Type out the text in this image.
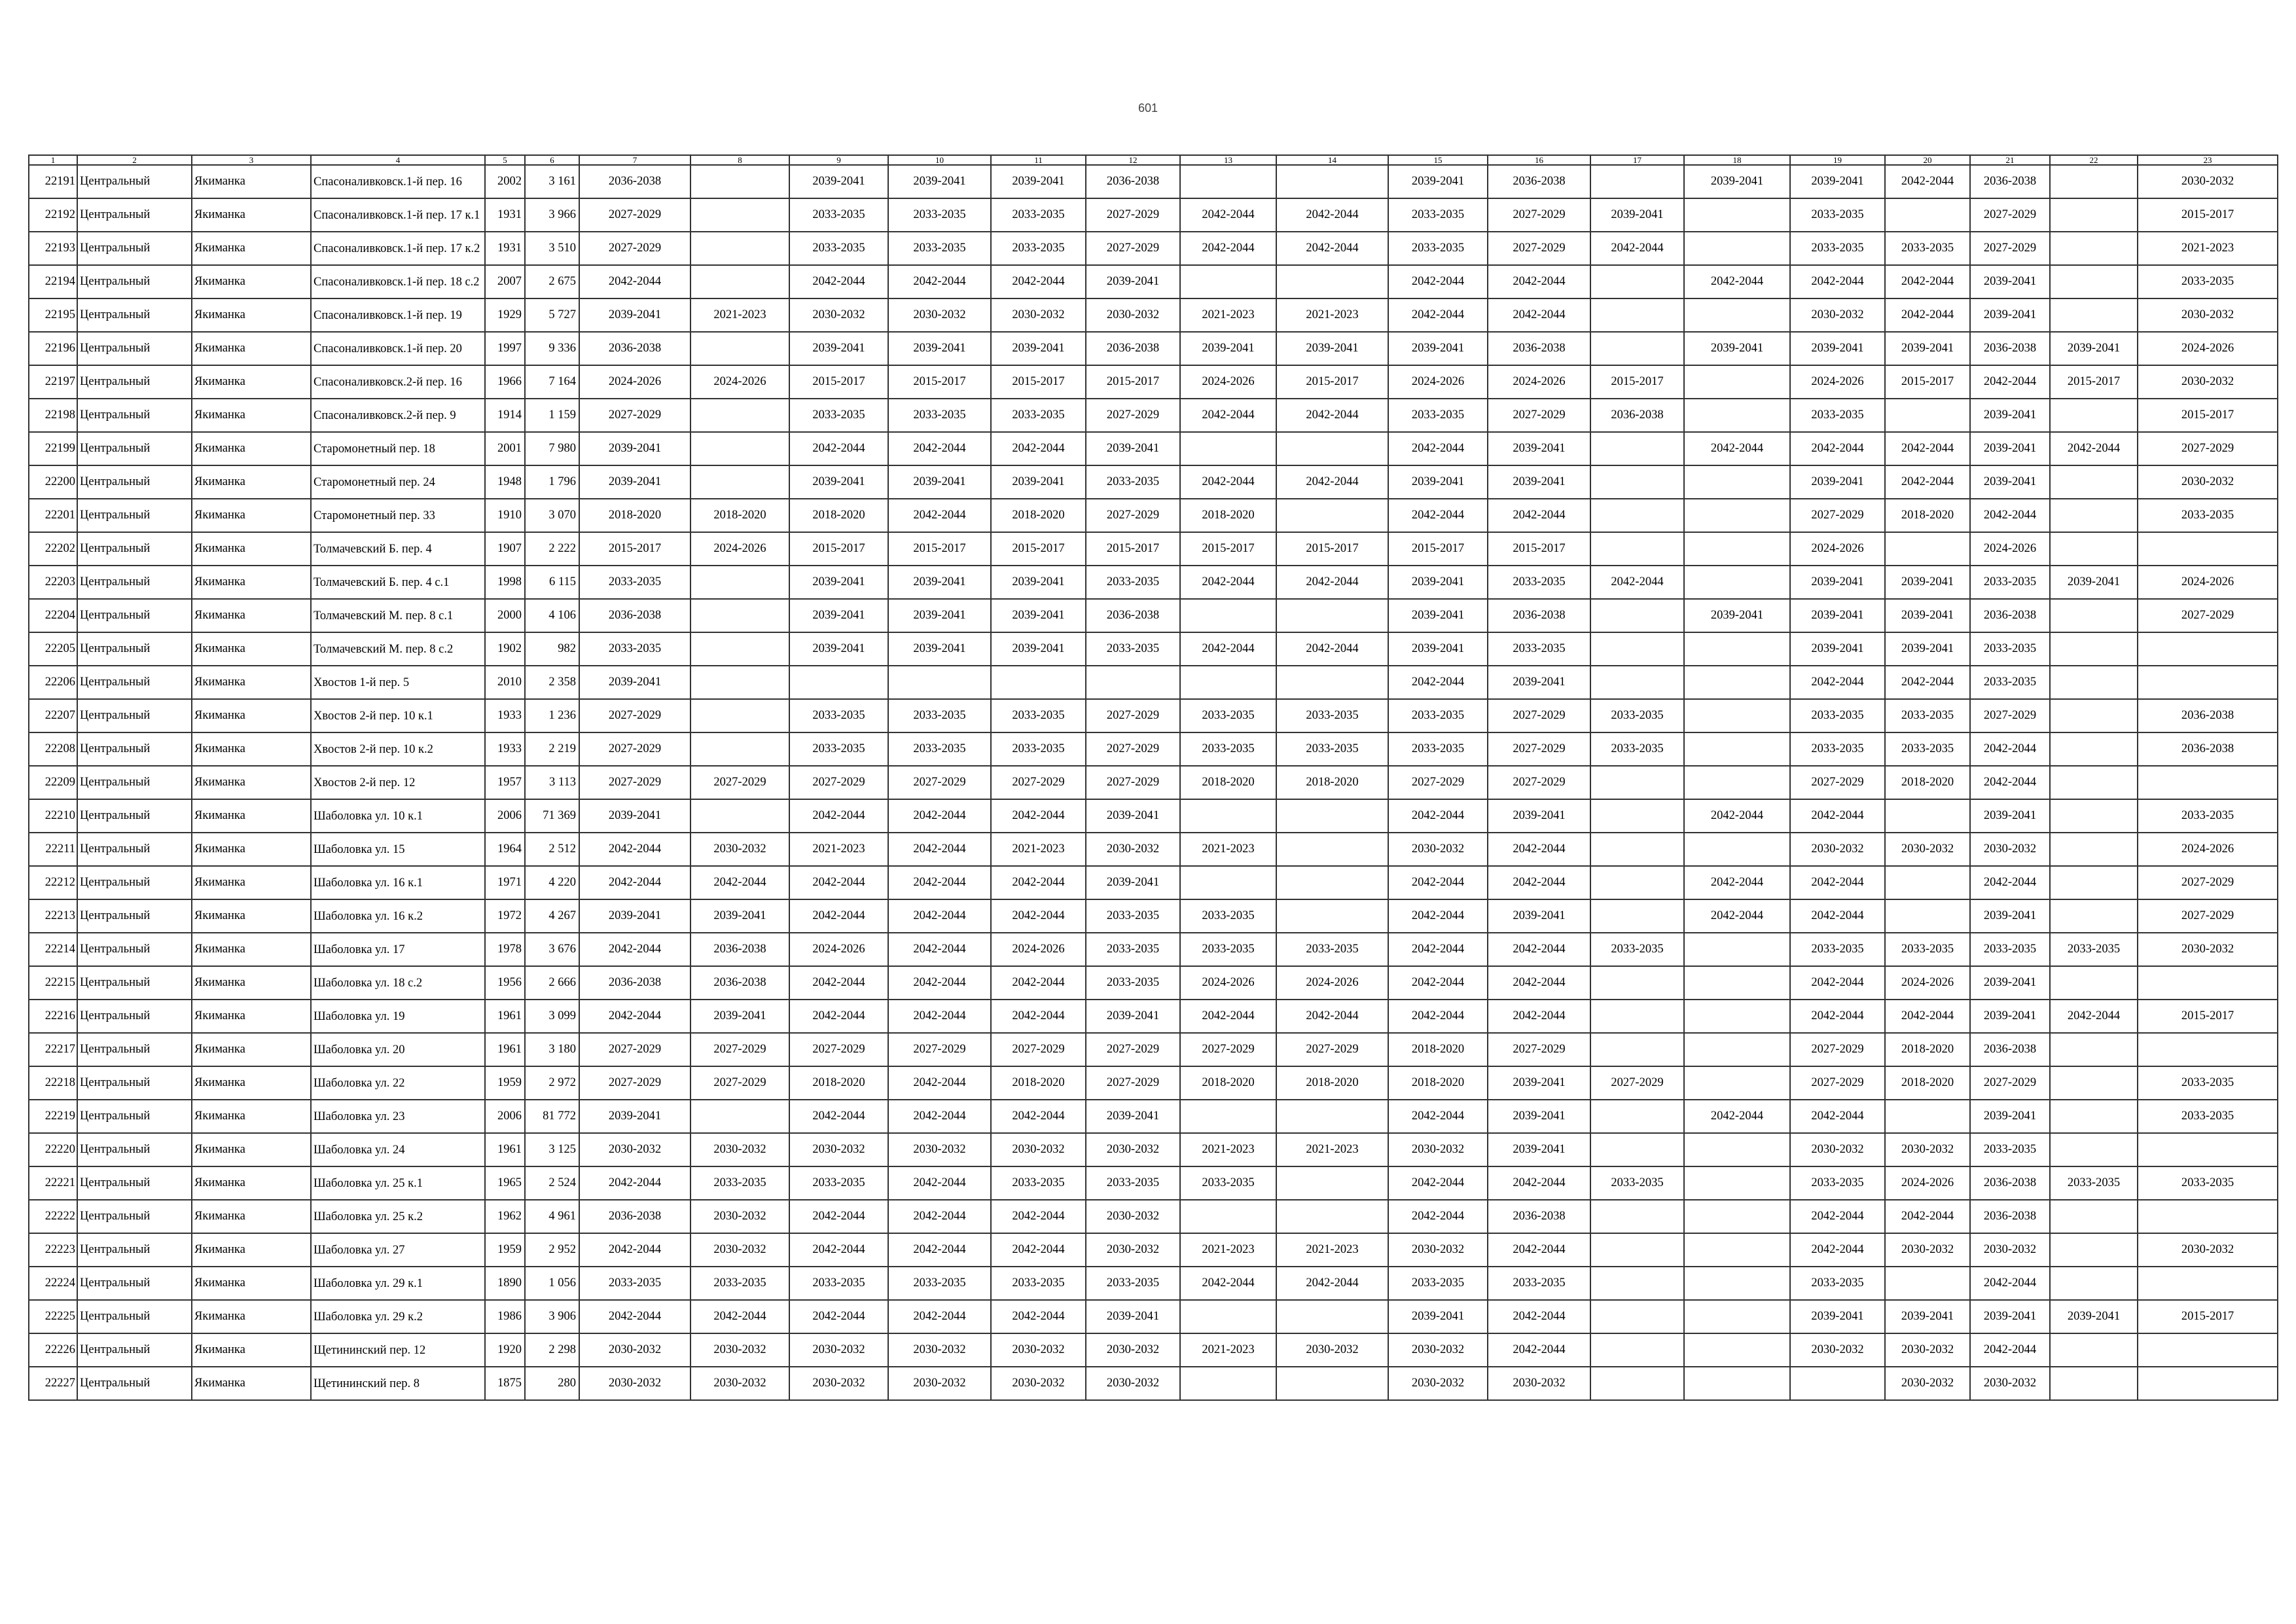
601
1	2	3	4	5	6	7	8	9	10	11	12	13	14	15	16	17	18	19	20	21	22	23
22191	Центральный	Якиманка	Спасоналивковск.1-й пер. 16	2002	3 161	2036-2038		2039-2041	2039-2041	2039-2041	2036-2038			2039-2041	2036-2038		2039-2041	2039-2041	2042-2044	2036-2038		2030-2032
22192	Центральный	Якиманка	Спасоналивковск.1-й пер. 17 к.1	1931	3 966	2027-2029		2033-2035	2033-2035	2033-2035	2027-2029	2042-2044	2042-2044	2033-2035	2027-2029	2039-2041		2033-2035		2027-2029		2015-2017
22193	Центральный	Якиманка	Спасоналивковск.1-й пер. 17 к.2	1931	3 510	2027-2029		2033-2035	2033-2035	2033-2035	2027-2029	2042-2044	2042-2044	2033-2035	2027-2029	2042-2044		2033-2035	2033-2035	2027-2029		2021-2023
22194	Центральный	Якиманка	Спасоналивковск.1-й пер. 18 с.2	2007	2 675	2042-2044		2042-2044	2042-2044	2042-2044	2039-2041			2042-2044	2042-2044		2042-2044	2042-2044	2042-2044	2039-2041		2033-2035
22195	Центральный	Якиманка	Спасоналивковск.1-й пер. 19	1929	5 727	2039-2041	2021-2023	2030-2032	2030-2032	2030-2032	2030-2032	2021-2023	2021-2023	2042-2044	2042-2044			2030-2032	2042-2044	2039-2041		2030-2032
22196	Центральный	Якиманка	Спасоналивковск.1-й пер. 20	1997	9 336	2036-2038		2039-2041	2039-2041	2039-2041	2036-2038	2039-2041	2039-2041	2039-2041	2036-2038		2039-2041	2039-2041	2039-2041	2036-2038	2039-2041	2024-2026
22197	Центральный	Якиманка	Спасоналивковск.2-й пер. 16	1966	7 164	2024-2026	2024-2026	2015-2017	2015-2017	2015-2017	2015-2017	2024-2026	2015-2017	2024-2026	2024-2026	2015-2017		2024-2026	2015-2017	2042-2044	2015-2017	2030-2032
22198	Центральный	Якиманка	Спасоналивковск.2-й пер. 9	1914	1 159	2027-2029		2033-2035	2033-2035	2033-2035	2027-2029	2042-2044	2042-2044	2033-2035	2027-2029	2036-2038		2033-2035		2039-2041		2015-2017
22199	Центральный	Якиманка	Старомонетный пер. 18	2001	7 980	2039-2041		2042-2044	2042-2044	2042-2044	2039-2041			2042-2044	2039-2041		2042-2044	2042-2044	2042-2044	2039-2041	2042-2044	2027-2029
22200	Центральный	Якиманка	Старомонетный пер. 24	1948	1 796	2039-2041		2039-2041	2039-2041	2039-2041	2033-2035	2042-2044	2042-2044	2039-2041	2039-2041			2039-2041	2042-2044	2039-2041		2030-2032
22201	Центральный	Якиманка	Старомонетный пер. 33	1910	3 070	2018-2020	2018-2020	2018-2020	2042-2044	2018-2020	2027-2029	2018-2020		2042-2044	2042-2044			2027-2029	2018-2020	2042-2044		2033-2035
22202	Центральный	Якиманка	Толмачевский Б. пер. 4	1907	2 222	2015-2017	2024-2026	2015-2017	2015-2017	2015-2017	2015-2017	2015-2017	2015-2017	2015-2017	2015-2017			2024-2026		2024-2026		
22203	Центральный	Якиманка	Толмачевский Б. пер. 4 с.1	1998	6 115	2033-2035		2039-2041	2039-2041	2039-2041	2033-2035	2042-2044	2042-2044	2039-2041	2033-2035	2042-2044		2039-2041	2039-2041	2033-2035	2039-2041	2024-2026
22204	Центральный	Якиманка	Толмачевский М. пер. 8 с.1	2000	4 106	2036-2038		2039-2041	2039-2041	2039-2041	2036-2038			2039-2041	2036-2038		2039-2041	2039-2041	2039-2041	2036-2038		2027-2029
22205	Центральный	Якиманка	Толмачевский М. пер. 8 с.2	1902	982	2033-2035		2039-2041	2039-2041	2039-2041	2033-2035	2042-2044	2042-2044	2039-2041	2033-2035			2039-2041	2039-2041	2033-2035		
22206	Центральный	Якиманка	Хвостов 1-й пер. 5	2010	2 358	2039-2041								2042-2044	2039-2041			2042-2044	2042-2044	2033-2035		
22207	Центральный	Якиманка	Хвостов 2-й пер. 10 к.1	1933	1 236	2027-2029		2033-2035	2033-2035	2033-2035	2027-2029	2033-2035	2033-2035	2033-2035	2027-2029	2033-2035		2033-2035	2033-2035	2027-2029		2036-2038
22208	Центральный	Якиманка	Хвостов 2-й пер. 10 к.2	1933	2 219	2027-2029		2033-2035	2033-2035	2033-2035	2027-2029	2033-2035	2033-2035	2033-2035	2027-2029	2033-2035		2033-2035	2033-2035	2042-2044		2036-2038
22209	Центральный	Якиманка	Хвостов 2-й пер. 12	1957	3 113	2027-2029	2027-2029	2027-2029	2027-2029	2027-2029	2027-2029	2018-2020	2018-2020	2027-2029	2027-2029			2027-2029	2018-2020	2042-2044		
22210	Центральный	Якиманка	Шаболовка ул. 10 к.1	2006	71 369	2039-2041		2042-2044	2042-2044	2042-2044	2039-2041			2042-2044	2039-2041		2042-2044	2042-2044		2039-2041		2033-2035
22211	Центральный	Якиманка	Шаболовка ул. 15	1964	2 512	2042-2044	2030-2032	2021-2023	2042-2044	2021-2023	2030-2032	2021-2023		2030-2032	2042-2044			2030-2032	2030-2032	2030-2032		2024-2026
22212	Центральный	Якиманка	Шаболовка ул. 16 к.1	1971	4 220	2042-2044	2042-2044	2042-2044	2042-2044	2042-2044	2039-2041			2042-2044	2042-2044		2042-2044	2042-2044		2042-2044		2027-2029
22213	Центральный	Якиманка	Шаболовка ул. 16 к.2	1972	4 267	2039-2041	2039-2041	2042-2044	2042-2044	2042-2044	2033-2035	2033-2035		2042-2044	2039-2041		2042-2044	2042-2044		2039-2041		2027-2029
22214	Центральный	Якиманка	Шаболовка ул. 17	1978	3 676	2042-2044	2036-2038	2024-2026	2042-2044	2024-2026	2033-2035	2033-2035	2033-2035	2042-2044	2042-2044	2033-2035		2033-2035	2033-2035	2033-2035	2033-2035	2030-2032
22215	Центральный	Якиманка	Шаболовка ул. 18 с.2	1956	2 666	2036-2038	2036-2038	2042-2044	2042-2044	2042-2044	2033-2035	2024-2026	2024-2026	2042-2044	2042-2044			2042-2044	2024-2026	2039-2041		
22216	Центральный	Якиманка	Шаболовка ул. 19	1961	3 099	2042-2044	2039-2041	2042-2044	2042-2044	2042-2044	2039-2041	2042-2044	2042-2044	2042-2044	2042-2044			2042-2044	2042-2044	2039-2041	2042-2044	2015-2017
22217	Центральный	Якиманка	Шаболовка ул. 20	1961	3 180	2027-2029	2027-2029	2027-2029	2027-2029	2027-2029	2027-2029	2027-2029	2027-2029	2018-2020	2027-2029			2027-2029	2018-2020	2036-2038		
22218	Центральный	Якиманка	Шаболовка ул. 22	1959	2 972	2027-2029	2027-2029	2018-2020	2042-2044	2018-2020	2027-2029	2018-2020	2018-2020	2018-2020	2039-2041	2027-2029		2027-2029	2018-2020	2027-2029		2033-2035
22219	Центральный	Якиманка	Шаболовка ул. 23	2006	81 772	2039-2041		2042-2044	2042-2044	2042-2044	2039-2041			2042-2044	2039-2041		2042-2044	2042-2044		2039-2041		2033-2035
22220	Центральный	Якиманка	Шаболовка ул. 24	1961	3 125	2030-2032	2030-2032	2030-2032	2030-2032	2030-2032	2030-2032	2021-2023	2021-2023	2030-2032	2039-2041			2030-2032	2030-2032	2033-2035		
22221	Центральный	Якиманка	Шаболовка ул. 25 к.1	1965	2 524	2042-2044	2033-2035	2033-2035	2042-2044	2033-2035	2033-2035	2033-2035		2042-2044	2042-2044	2033-2035		2033-2035	2024-2026	2036-2038	2033-2035	2033-2035
22222	Центральный	Якиманка	Шаболовка ул. 25 к.2	1962	4 961	2036-2038	2030-2032	2042-2044	2042-2044	2042-2044	2030-2032			2042-2044	2036-2038			2042-2044	2042-2044	2036-2038		
22223	Центральный	Якиманка	Шаболовка ул. 27	1959	2 952	2042-2044	2030-2032	2042-2044	2042-2044	2042-2044	2030-2032	2021-2023	2021-2023	2030-2032	2042-2044			2042-2044	2030-2032	2030-2032		2030-2032
22224	Центральный	Якиманка	Шаболовка ул. 29 к.1	1890	1 056	2033-2035	2033-2035	2033-2035	2033-2035	2033-2035	2033-2035	2042-2044	2042-2044	2033-2035	2033-2035			2033-2035		2042-2044		
22225	Центральный	Якиманка	Шаболовка ул. 29 к.2	1986	3 906	2042-2044	2042-2044	2042-2044	2042-2044	2042-2044	2039-2041			2039-2041	2042-2044			2039-2041	2039-2041	2039-2041	2039-2041	2015-2017
22226	Центральный	Якиманка	Щетининский пер. 12	1920	2 298	2030-2032	2030-2032	2030-2032	2030-2032	2030-2032	2030-2032	2021-2023	2030-2032	2030-2032	2042-2044			2030-2032	2030-2032	2042-2044		
22227	Центральный	Якиманка	Щетининский пер. 8	1875	280	2030-2032	2030-2032	2030-2032	2030-2032	2030-2032	2030-2032			2030-2032	2030-2032				2030-2032	2030-2032		
